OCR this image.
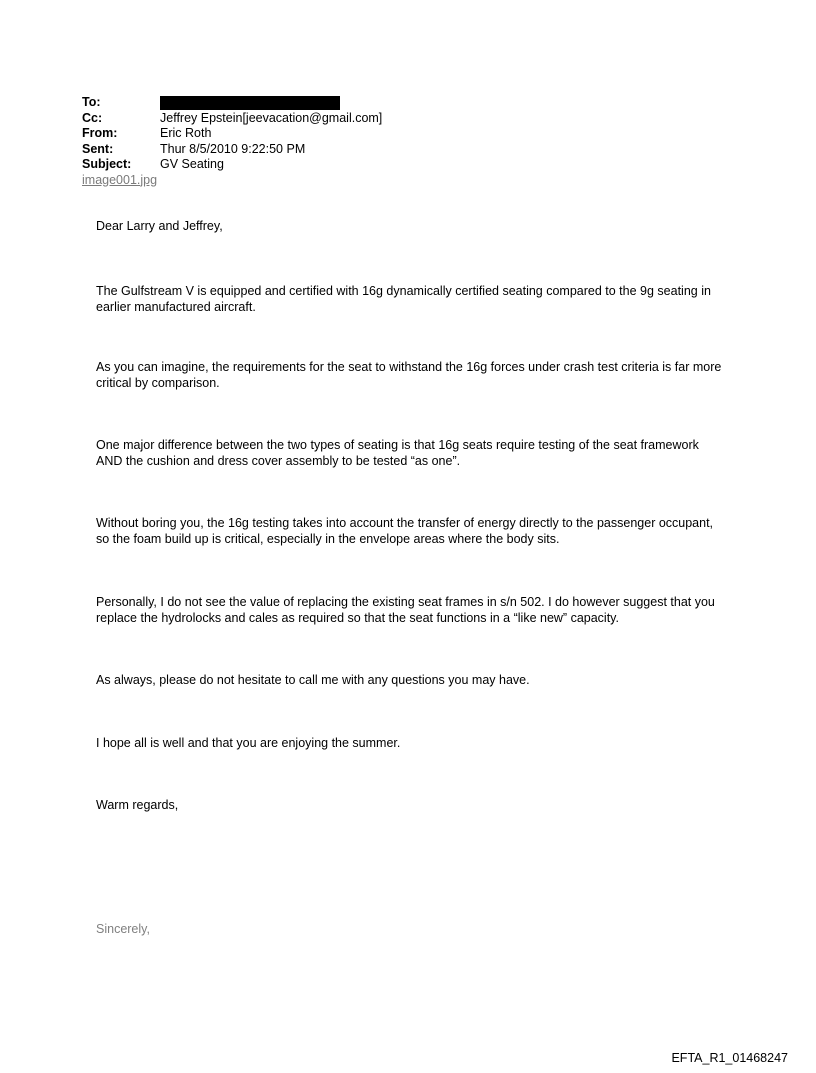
To:
Cc:	Jeffrey Epstein[jeevacation@gmail.com]
From:	Eric Roth
Sent:	Thur 8/5/2010 9:22:50 PM
Subject:	GV Seating
image001.jpg

Dear Larry and Jeffrey,

The Gulfstream V is equipped and certified with 16g dynamically certified seating compared to the 9g seating in earlier manufactured aircraft.

As you can imagine, the requirements for the seat to withstand the 16g forces under crash test criteria is far more critical by comparison.

One major difference between the two types of seating is that 16g seats require testing of the seat framework AND the cushion and dress cover assembly to be tested “as one”.

Without boring you, the 16g testing takes into account the transfer of energy directly to the passenger occupant, so the foam build up is critical, especially in the envelope areas where the body sits.

Personally, I do not see the value of replacing the existing seat frames in s/n 502. I do however suggest that you replace the hydrolocks and cales as required so that the seat functions in a “like new” capacity.

As always, please do not hesitate to call me with any questions you may have.

I hope all is well and that you are enjoying the summer.

Warm regards,

Sincerely,

EFTA_R1_01468247
